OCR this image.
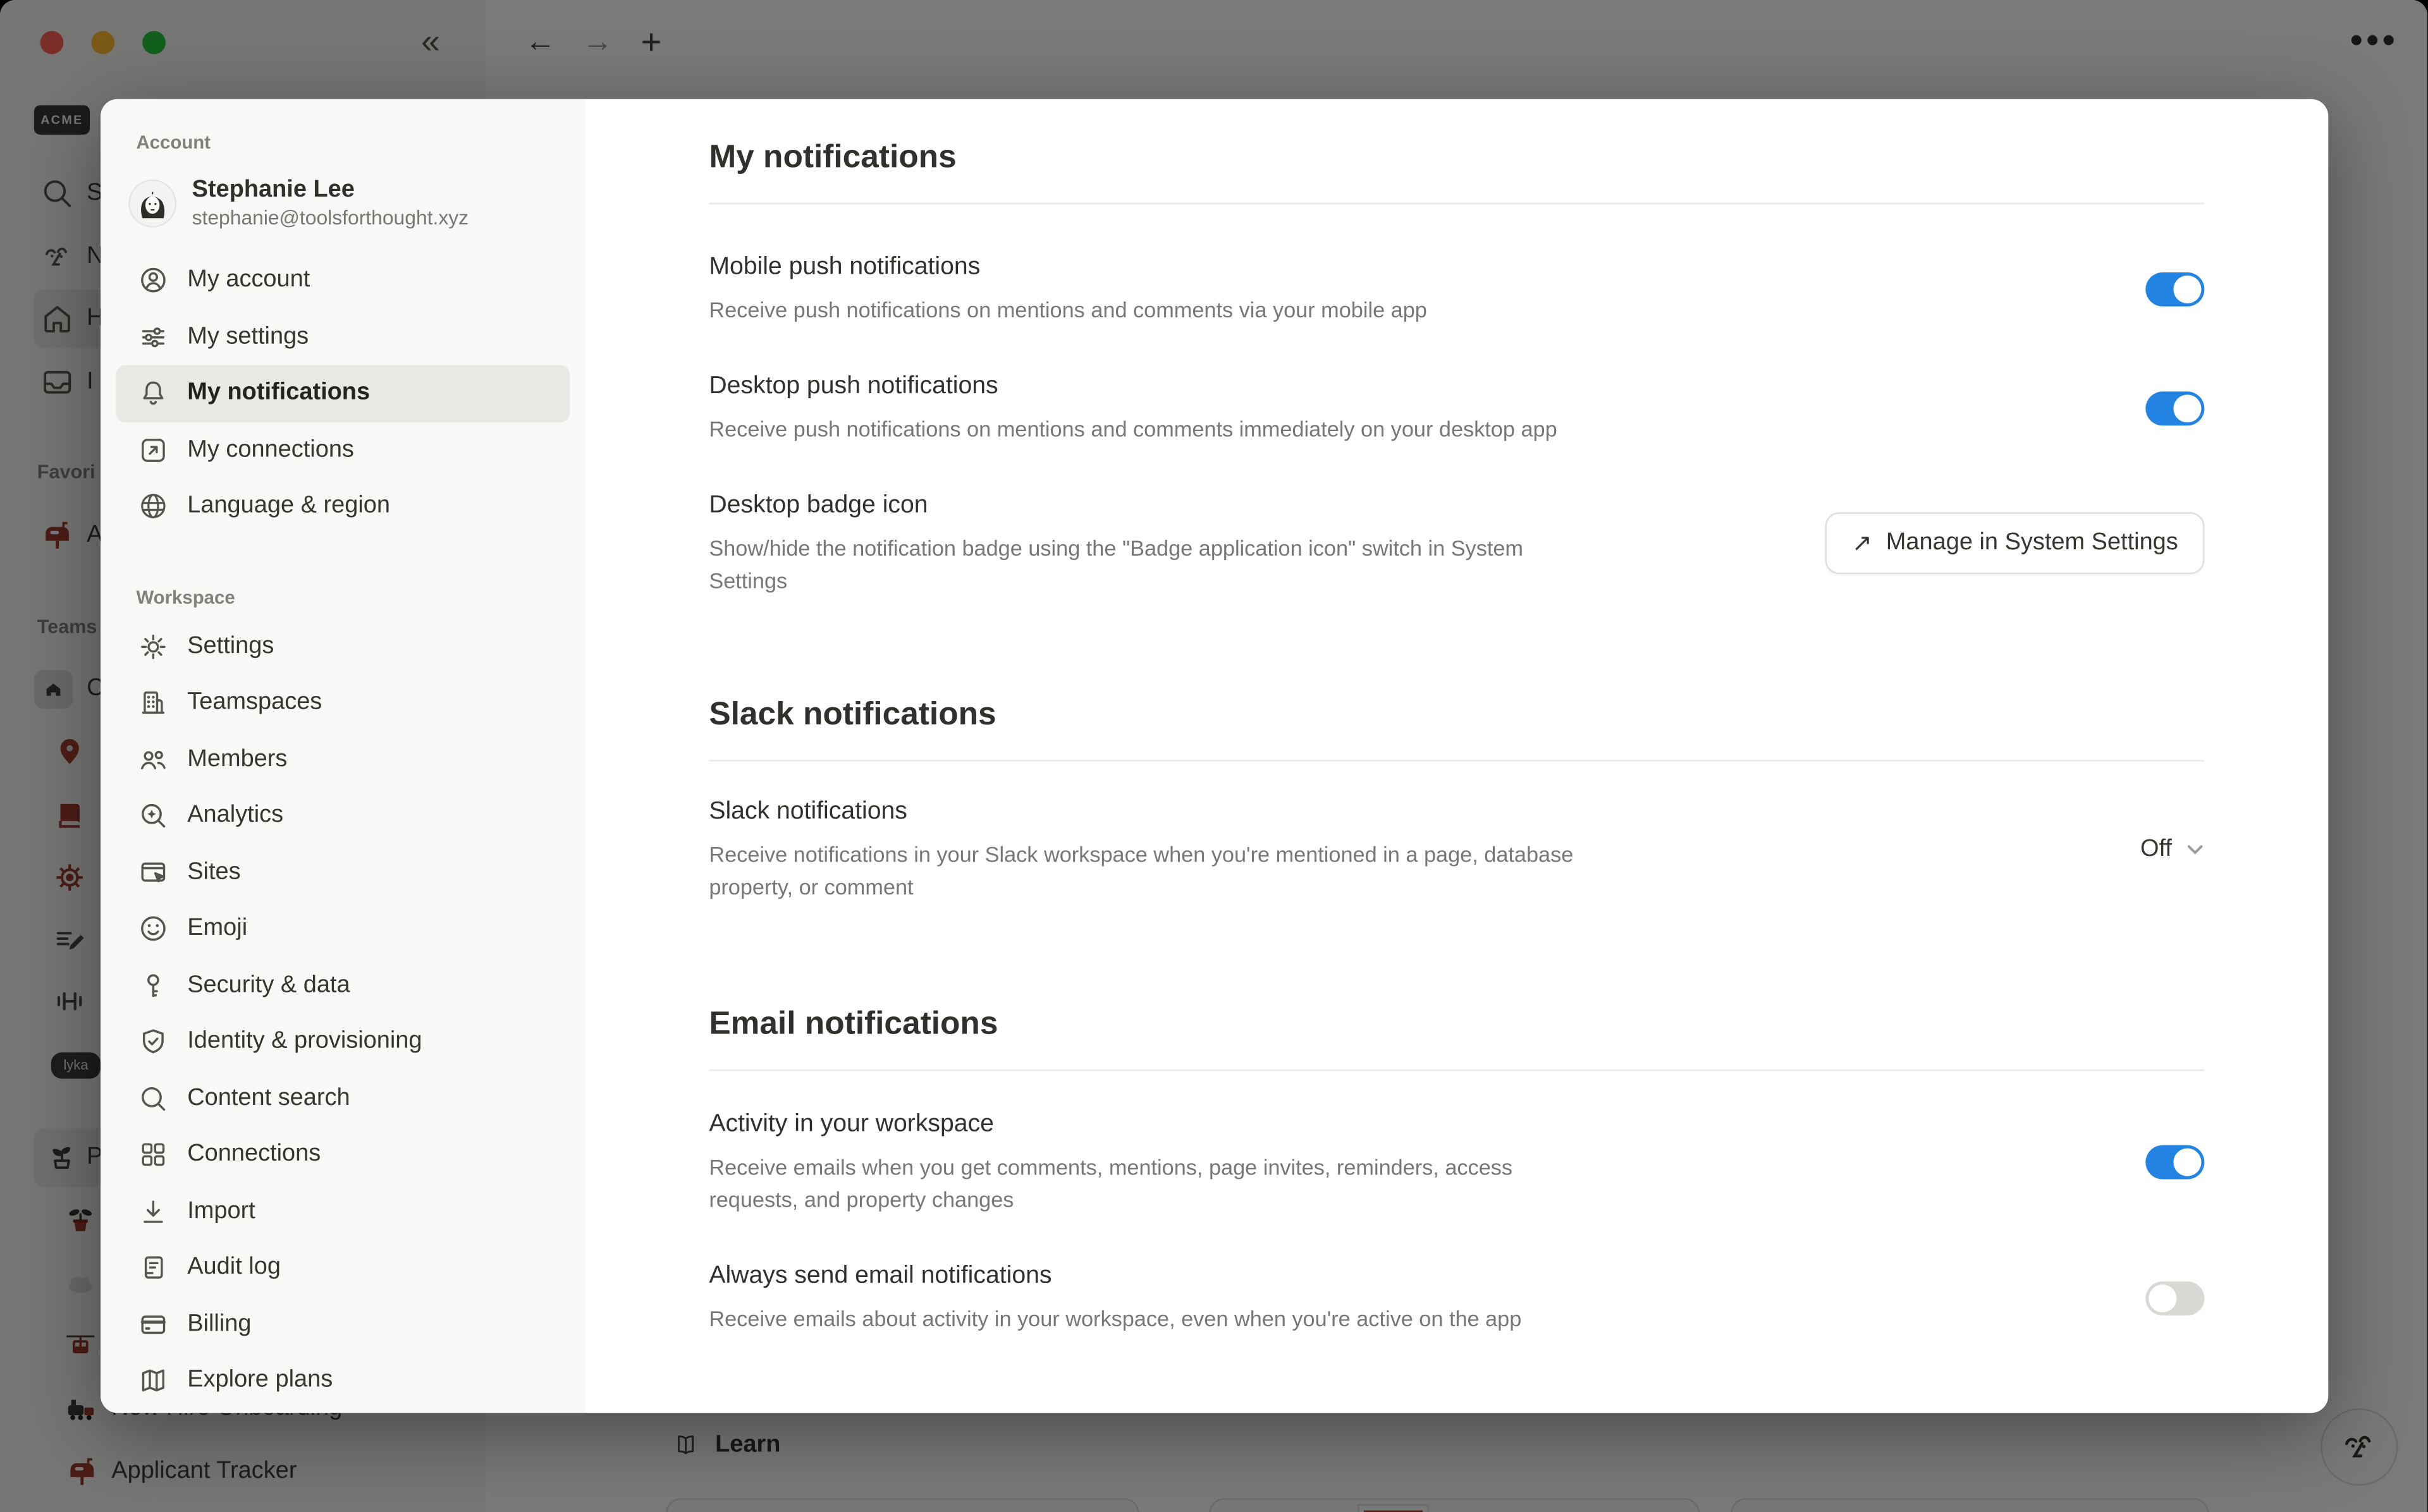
Account
Stephanie Lee
stephanie@toolsforthought.xyz
My account
My settings
My notifications
My connections
Language & region
Workspace
Settings
Teamspaces
Members
Analytics
Sites
Emoji
Security & data
Identity & provisioning
Content search
Connections
Import
Audit log
Billing
Explore plans
My notifications
Mobile push notifications
Receive push notifications on mentions and comments via your mobile app
Desktop push notifications
Receive push notifications on mentions and comments immediately on your desktop app
Desktop badge icon
Show/hide the notification badge using the "Badge application icon" switch in System Settings
↗ Manage in System Settings
Slack notifications
Slack notifications
Receive notifications in your Slack workspace when you're mentioned in a page, database property, or comment
Off
Email notifications
Activity in your workspace
Receive emails when you get comments, mentions, page invites, reminders, access requests, and property changes
Always send email notifications
Receive emails about activity in your workspace, even when you're active on the app
